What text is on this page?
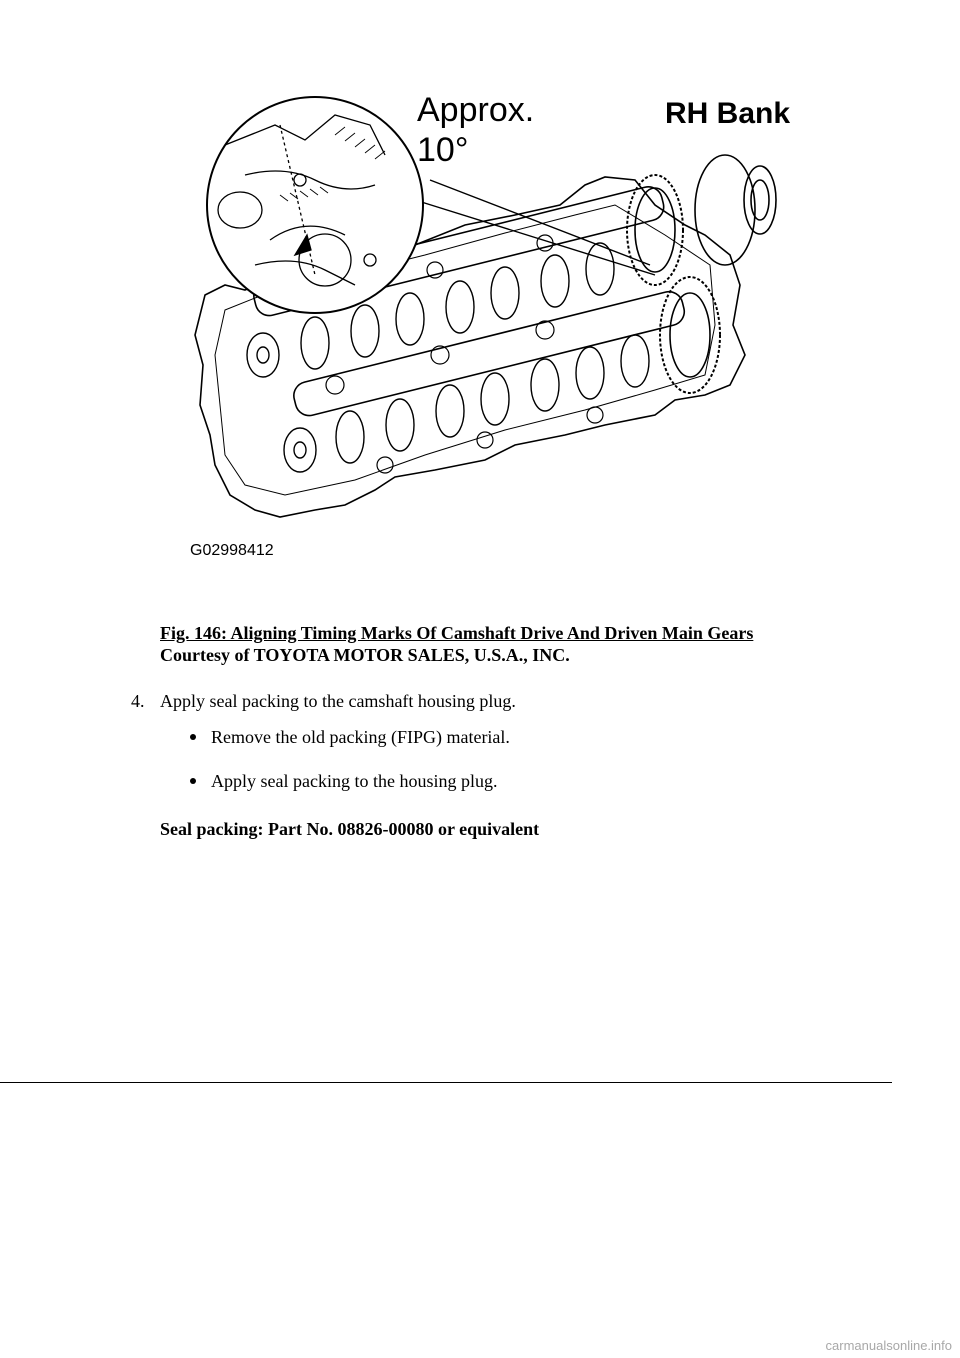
Approx.
10°
RH Bank
G02998412
Fig. 146: Aligning Timing Marks Of Camshaft Drive And Driven Main Gears
Courtesy of TOYOTA MOTOR SALES, U.S.A., INC.
4. Apply seal packing to the camshaft housing plug.
Remove the old packing (FIPG) material.
Apply seal packing to the housing plug.
Seal packing: Part No. 08826-00080 or equivalent
carmanualsonline.info
